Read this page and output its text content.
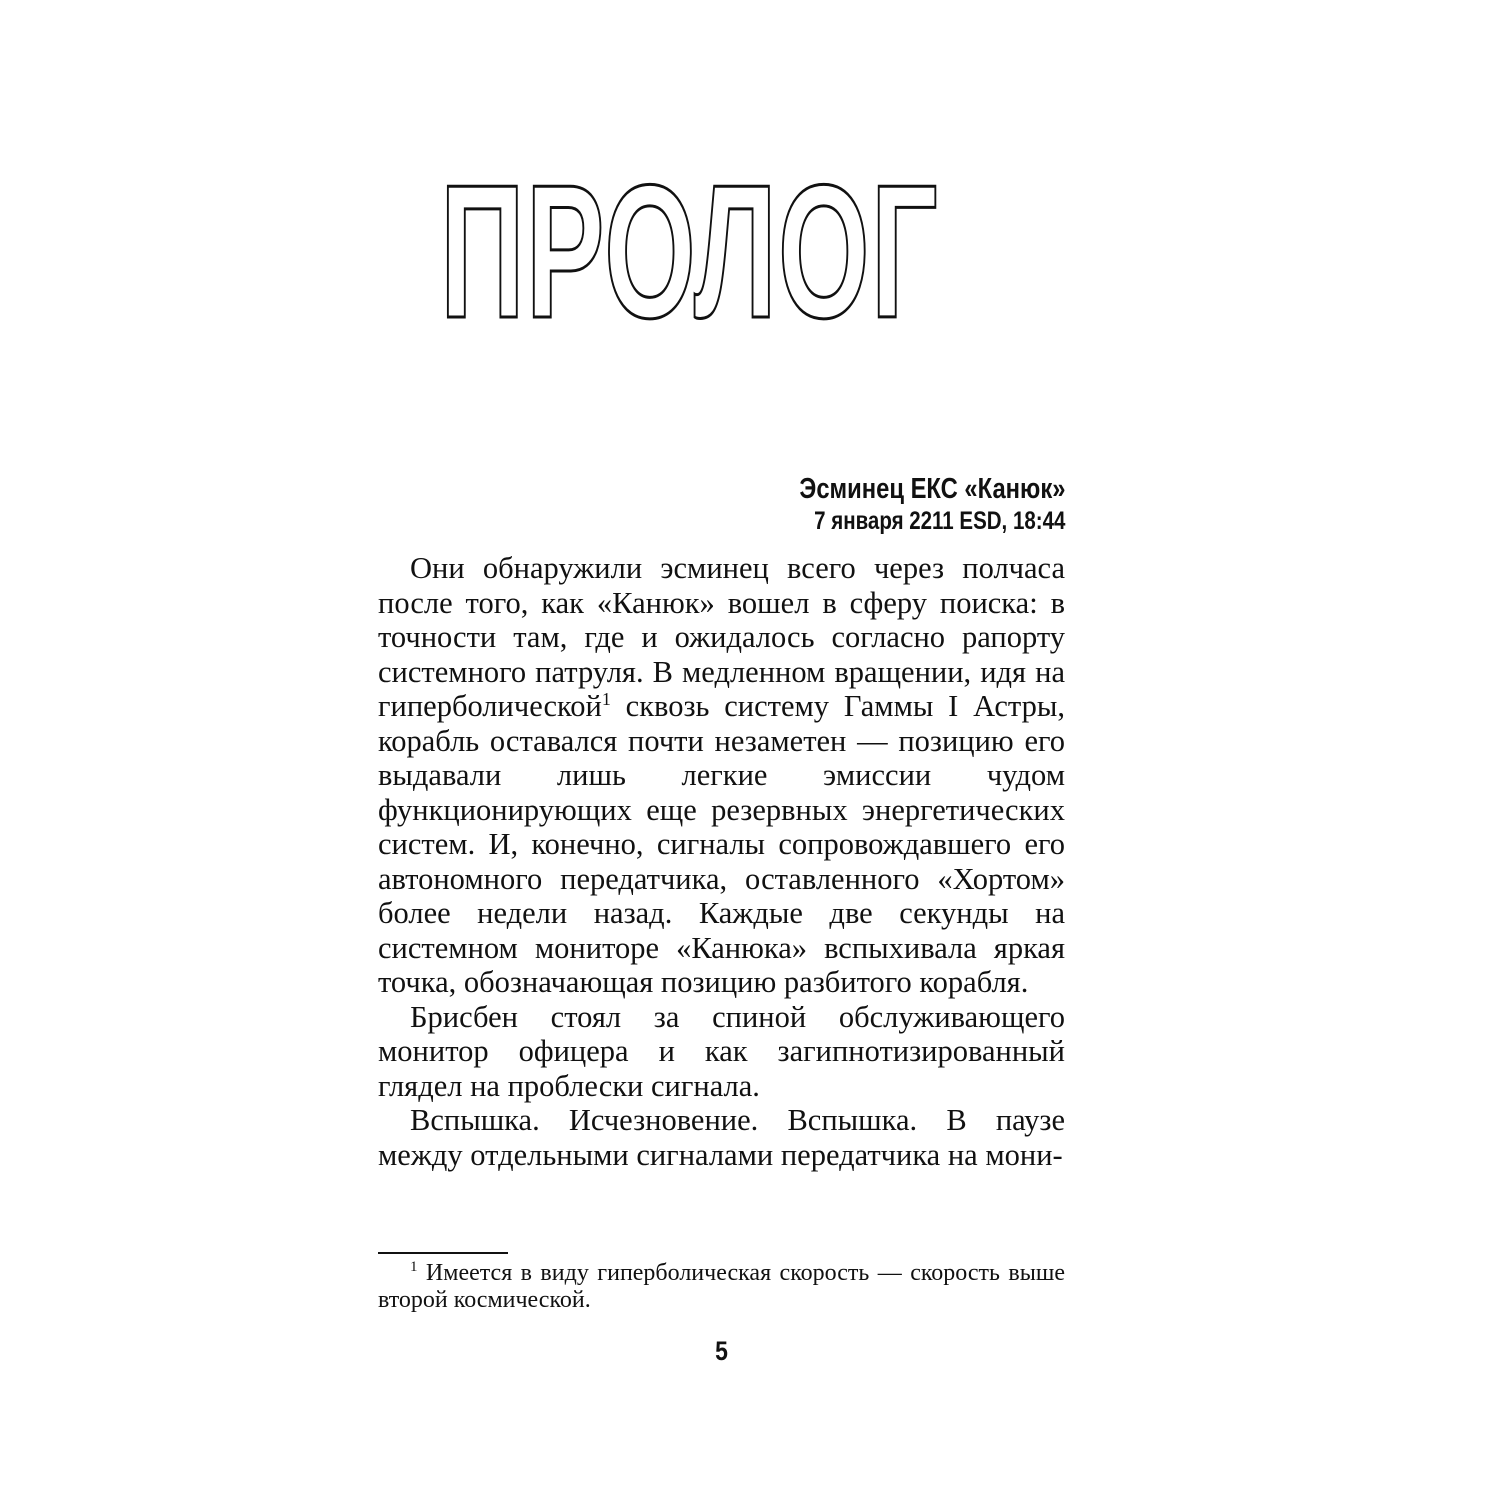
ПРОЛОГ
Эсминец ЕКС «Канюк»
7 января 2211 ESD, 18:44

Они обнаружили эсминец всего через полчаса после того, как «Канюк» вошел в сферу поиска: в точности там, где и ожидалось согласно рапорту системного патруля. В медленном вращении, идя на гиперболической$^1$ сквозь систему Гаммы I Астры, корабль оставался почти незаметен — позицию его выдавали лишь легкие эмиссии чудом функционирующих еще резервных энергетических систем. И, конечно, сигналы сопровождавшего его автономного передатчика, оставленного «Хортом» более недели назад. Каждые две секунды на системном мониторе «Канюка» вспыхивала яркая точка, обозначающая позицию разбитого корабля.

Брисбен стоял за спиной обслуживающего монитор офицера и как загипнотизированный глядел на проблески сигнала.

Вспышка. Исчезновение. Вспышка. В паузе между отдельными сигналами передатчика на мони-

$^1$ Имеется в виду гиперболическая скорость — скорость выше второй космической.

5
